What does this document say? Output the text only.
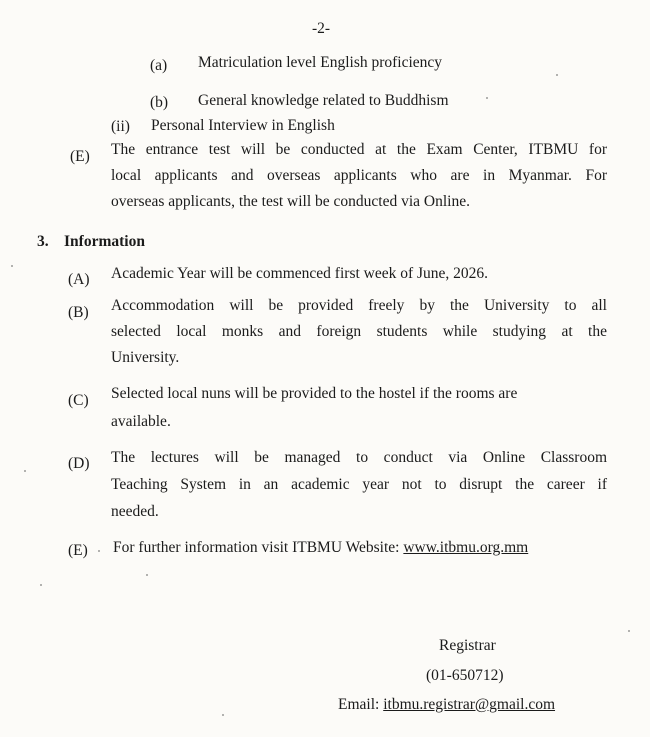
-2-
(a) Matriculation level English proficiency
(b) General knowledge related to Buddhism
(ii) Personal Interview in English
(E) The entrance test will be conducted at the Exam Center, ITBMU for
local applicants and overseas applicants who are in Myanmar. For
overseas applicants, the test will be conducted via Online.
3. Information
(A) Academic Year will be commenced first week of June, 2026.
(B) Accommodation will be provided freely by the University to all
selected local monks and foreign students while studying at the
University.
(C) Selected local nuns will be provided to the hostel if the rooms are
available.
(D) The lectures will be managed to conduct via Online Classroom
Teaching System in an academic year not to disrupt the career if
needed.
(E) For further information visit ITBMU Website: www.itbmu.org.mm
Registrar
(01-650712)
Email: itbmu.registrar@gmail.com
